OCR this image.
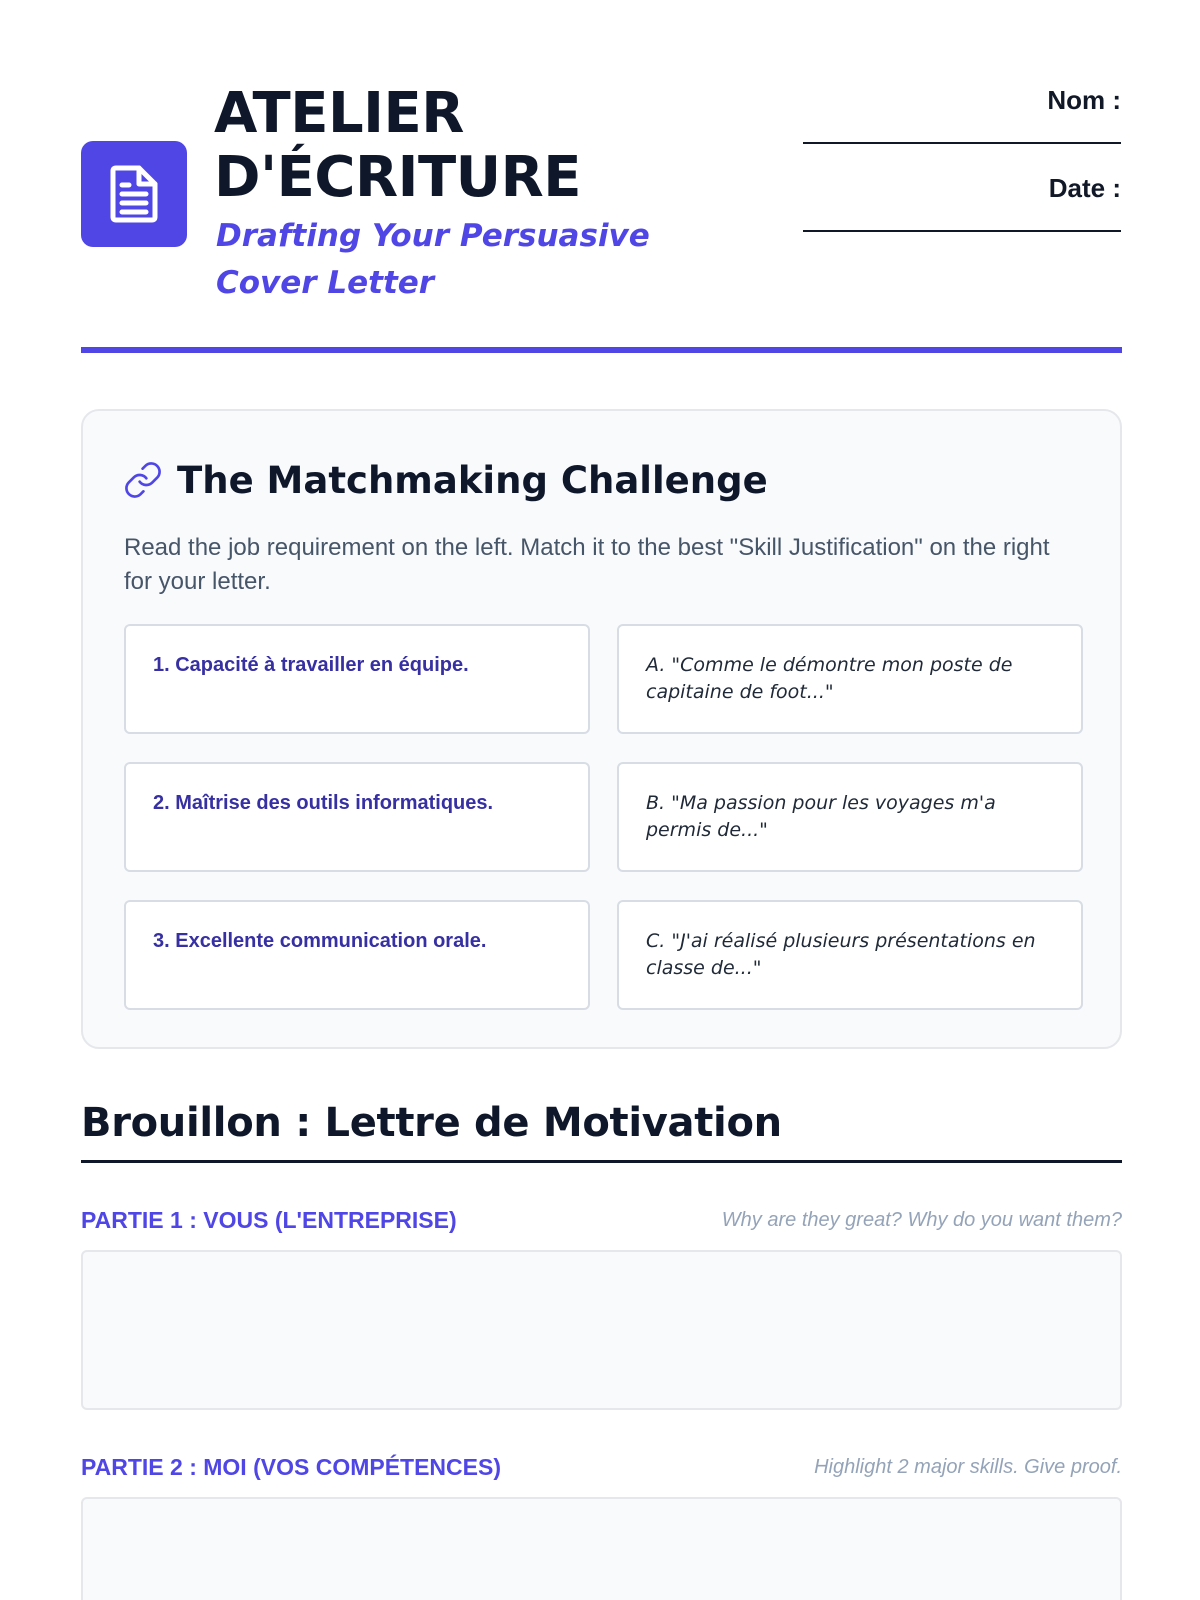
ATELIER D'ÉCRITURE
Drafting Your Persuasive Cover Letter
Nom :
Date :
The Matchmaking Challenge
Read the job requirement on the left. Match it to the best "Skill Justification" on the right for your letter.
1. Capacité à travailler en équipe.	A. "Comme le démontre mon poste de capitaine de foot..."
2. Maîtrise des outils informatiques.	B. "Ma passion pour les voyages m'a permis de..."
3. Excellente communication orale.	C. "J'ai réalisé plusieurs présentations en classe de..."
Brouillon : Lettre de Motivation
PARTIE 1 : VOUS (L'ENTREPRISE)	Why are they great? Why do you want them?
PARTIE 2 : MOI (VOS COMPÉTENCES)	Highlight 2 major skills. Give proof.
